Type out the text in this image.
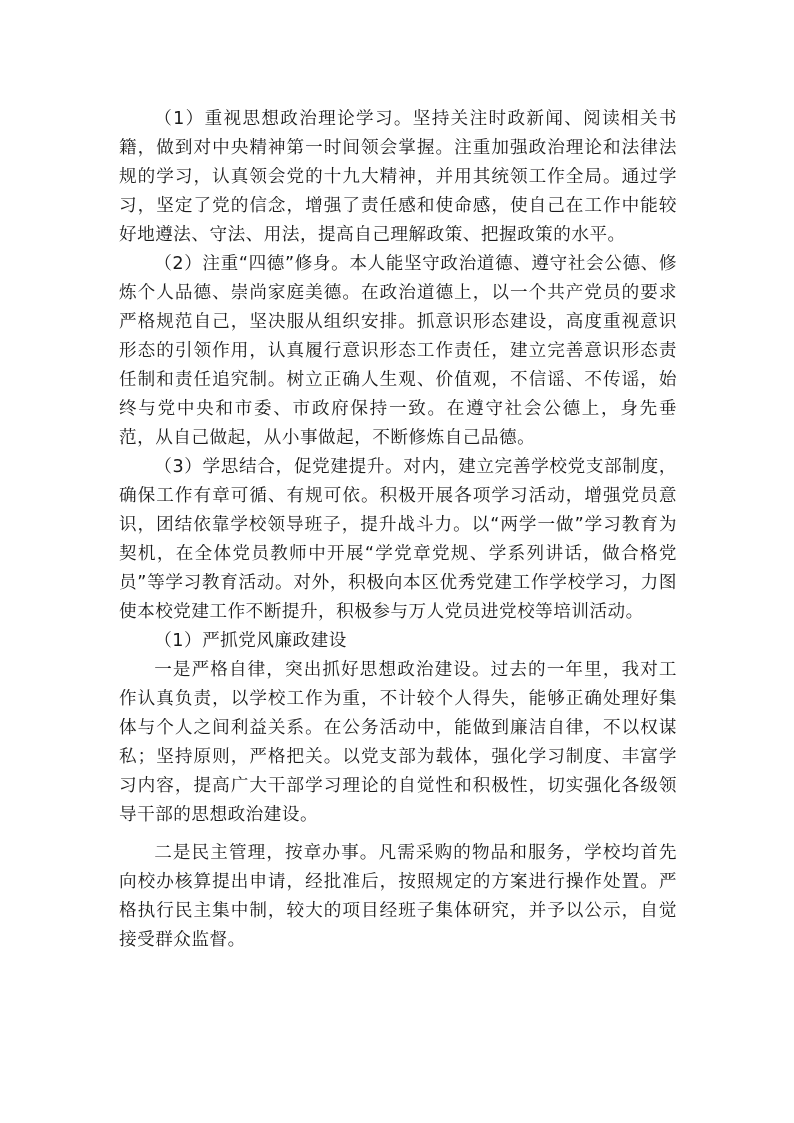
（1）重视思想政治理论学习。坚持关注时政新闻、阅读相关书籍，做到对中央精神第一时间领会掌握。注重加强政治理论和法律法规的学习，认真领会党的十九大精神，并用其统领工作全局。通过学习，坚定了党的信念，增强了责任感和使命感，使自己在工作中能较好地遵法、守法、用法，提高自己理解政策、把握政策的水平。

（2）注重“四德”修身。本人能坚守政治道德、遵守社会公德、修炼个人品德、崇尚家庭美德。在政治道德上，以一个共产党员的要求严格规范自己，坚决服从组织安排。抓意识形态建设，高度重视意识形态的引领作用，认真履行意识形态工作责任，建立完善意识形态责任制和责任追究制。树立正确人生观、价值观，不信谣、不传谣，始终与党中央和市委、市政府保持一致。在遵守社会公德上，身先垂范，从自己做起，从小事做起，不断修炼自己品德。

（3）学思结合，促党建提升。对内，建立完善学校党支部制度，确保工作有章可循、有规可依。积极开展各项学习活动，增强党员意识，团结依靠学校领导班子，提升战斗力。以“两学一做”学习教育为契机，在全体党员教师中开展“学党章党规、学系列讲话，做合格党员”等学习教育活动。对外，积极向本区优秀党建工作学校学习，力图使本校党建工作不断提升，积极参与万人党员进党校等培训活动。

（1）严抓党风廉政建设

一是严格自律，突出抓好思想政治建设。过去的一年里，我对工作认真负责，以学校工作为重，不计较个人得失，能够正确处理好集体与个人之间利益关系。在公务活动中，能做到廉洁自律，不以权谋私；坚持原则，严格把关。以党支部为载体，强化学习制度、丰富学习内容，提高广大干部学习理论的自觉性和积极性，切实强化各级领导干部的思想政治建设。

二是民主管理，按章办事。凡需采购的物品和服务，学校均首先向校办核算提出申请，经批准后，按照规定的方案进行操作处置。严格执行民主集中制，较大的项目经班子集体研究，并予以公示，自觉接受群众监督。
